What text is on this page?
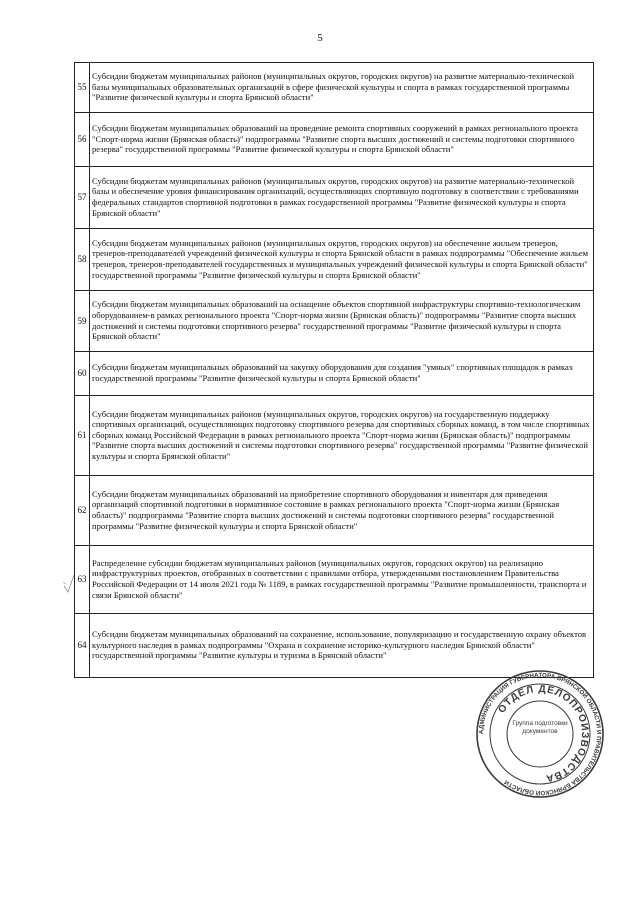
5
55	Субсидии бюджетам муниципальных районов (муниципальных округов, городских округов) на развитие материально-технической базы муниципальных образовательных организаций в сфере физической культуры и спорта в рамках государственной программы "Развитие физической культуры и спорта Брянской области"
56	Субсидии бюджетам муниципальных образований на проведение ремонта спортивных сооружений в рамках регионального проекта "Спорт-норма жизни (Брянская область)" подпрограммы "Развитие спорта высших достижений и системы подготовки спортивного резерва" государственной программы "Развитие физической культуры и спорта Брянской области"
57	Субсидии бюджетам муниципальных районов (муниципальных округов, городских округов) на развитие материально-технической базы и обеспечение уровня финансирования организаций, осуществляющих спортивную подготовку в соответствии с требованиями федеральных стандартов спортивной подготовки в рамках государственной программы "Развитие физической культуры и спорта Брянской области"
58	Субсидии бюджетам муниципальных районов (муниципальных округов, городских округов) на обеспечение жильем тренеров, тренеров-преподавателей учреждений физической культуры и спорта Брянской области в рамках подпрограммы "Обеспечение жильем тренеров, тренеров-преподавателей государственных и муниципальных учреждений физической культуры и спорта Брянской области" государственной программы "Развитие физической культуры и спорта Брянской области"
59	Субсидии бюджетам муниципальных образований на оснащение объектов спортивной инфраструктуры спортивно-технологическим оборудованием-в рамках регионального проекта "Спорт-норма жизни (Брянская область)" подпрограммы "Развитие спорта высших достижений и системы подготовки спортивного резерва" государственной программы "Развитие физической культуры и спорта Брянской области"
60	Субсидии бюджетам муниципальных образований на закупку оборудования для создания "умных" спортивных площадок в рамках государственной программы "Развитие физической культуры и спорта Брянской области"
61	Субсидии бюджетам муниципальных районов (муниципальных округов, городских округов) на государственную поддержку спортивных организаций, осуществляющих подготовку спортивного резерва для спортивных сборных команд, в том числе спортивных сборных команд Российской Федерации в рамках регионального проекта "Спорт-норма жизни (Брянская область)" подпрограммы "Развитие спорта высших достижений и системы подготовки спортивного резерва" государственной программы "Развитие физической культуры и спорта Брянской области"
62	Субсидии бюджетам муниципальных образований на приобретение спортивного оборудования и инвентаря для приведения организаций спортивной подготовки в нормативное состояние в рамках регионального проекта "Спорт-норма жизни (Брянская область)" подпрограммы "Развитие спорта высших достижений и системы подготовки спортивного резерва" государственной программы "Развитие физической культуры и спорта Брянской области"
63	Распределение субсидии бюджетам муниципальных районов (муниципальных округов, городских округов) на реализацию инфраструктурных проектов, отобранных в соответствии с правилами отбора, утвержденными постановлением Правительства Российской Федерации от 14 июля 2021 года № 1189, в рамках государственной программы "Развитие промышленности, транспорта и связи Брянской области"
64	Субсидии бюджетам муниципальных образований на сохранение, использование, популяризацию и государственную охрану объектов культурного наследия в рамках подпрограммы "Охрана и сохранение историко-культурного наследия Брянской области" государственной программы "Развитие культуры и туризма в Брянской области"
АДМИНИСТРАЦИЯ ГУБЕРНАТОРА БРЯНСКОЙ ОБЛАСТИ И ПРАВИТЕЛЬСТВА БРЯНСКОЙ ОБЛАСТИ
ОТДЕЛ ДЕЛОПРОИЗВОДСТВА
Группа подготовки документов
